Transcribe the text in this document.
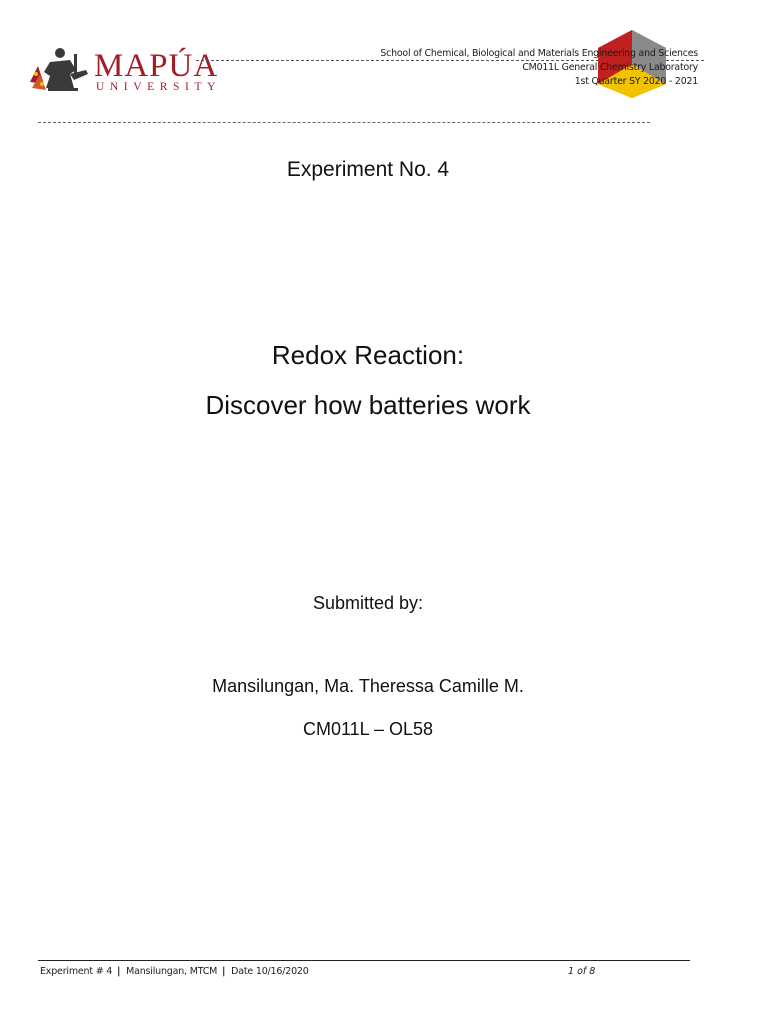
MAPÚA
UNIVERSITY
School of Chemical, Biological and Materials Engineering and Sciences
CM011L General Chemistry Laboratory
1st Quarter SY 2020 - 2021
Experiment No. 4
Redox Reaction:
Discover how batteries work
Submitted by:
Mansilungan, Ma. Theressa Camille M.
CM011L – OL58
Experiment # 4 | Mansilungan, MTCM | Date 10/16/2020	1 of 8
